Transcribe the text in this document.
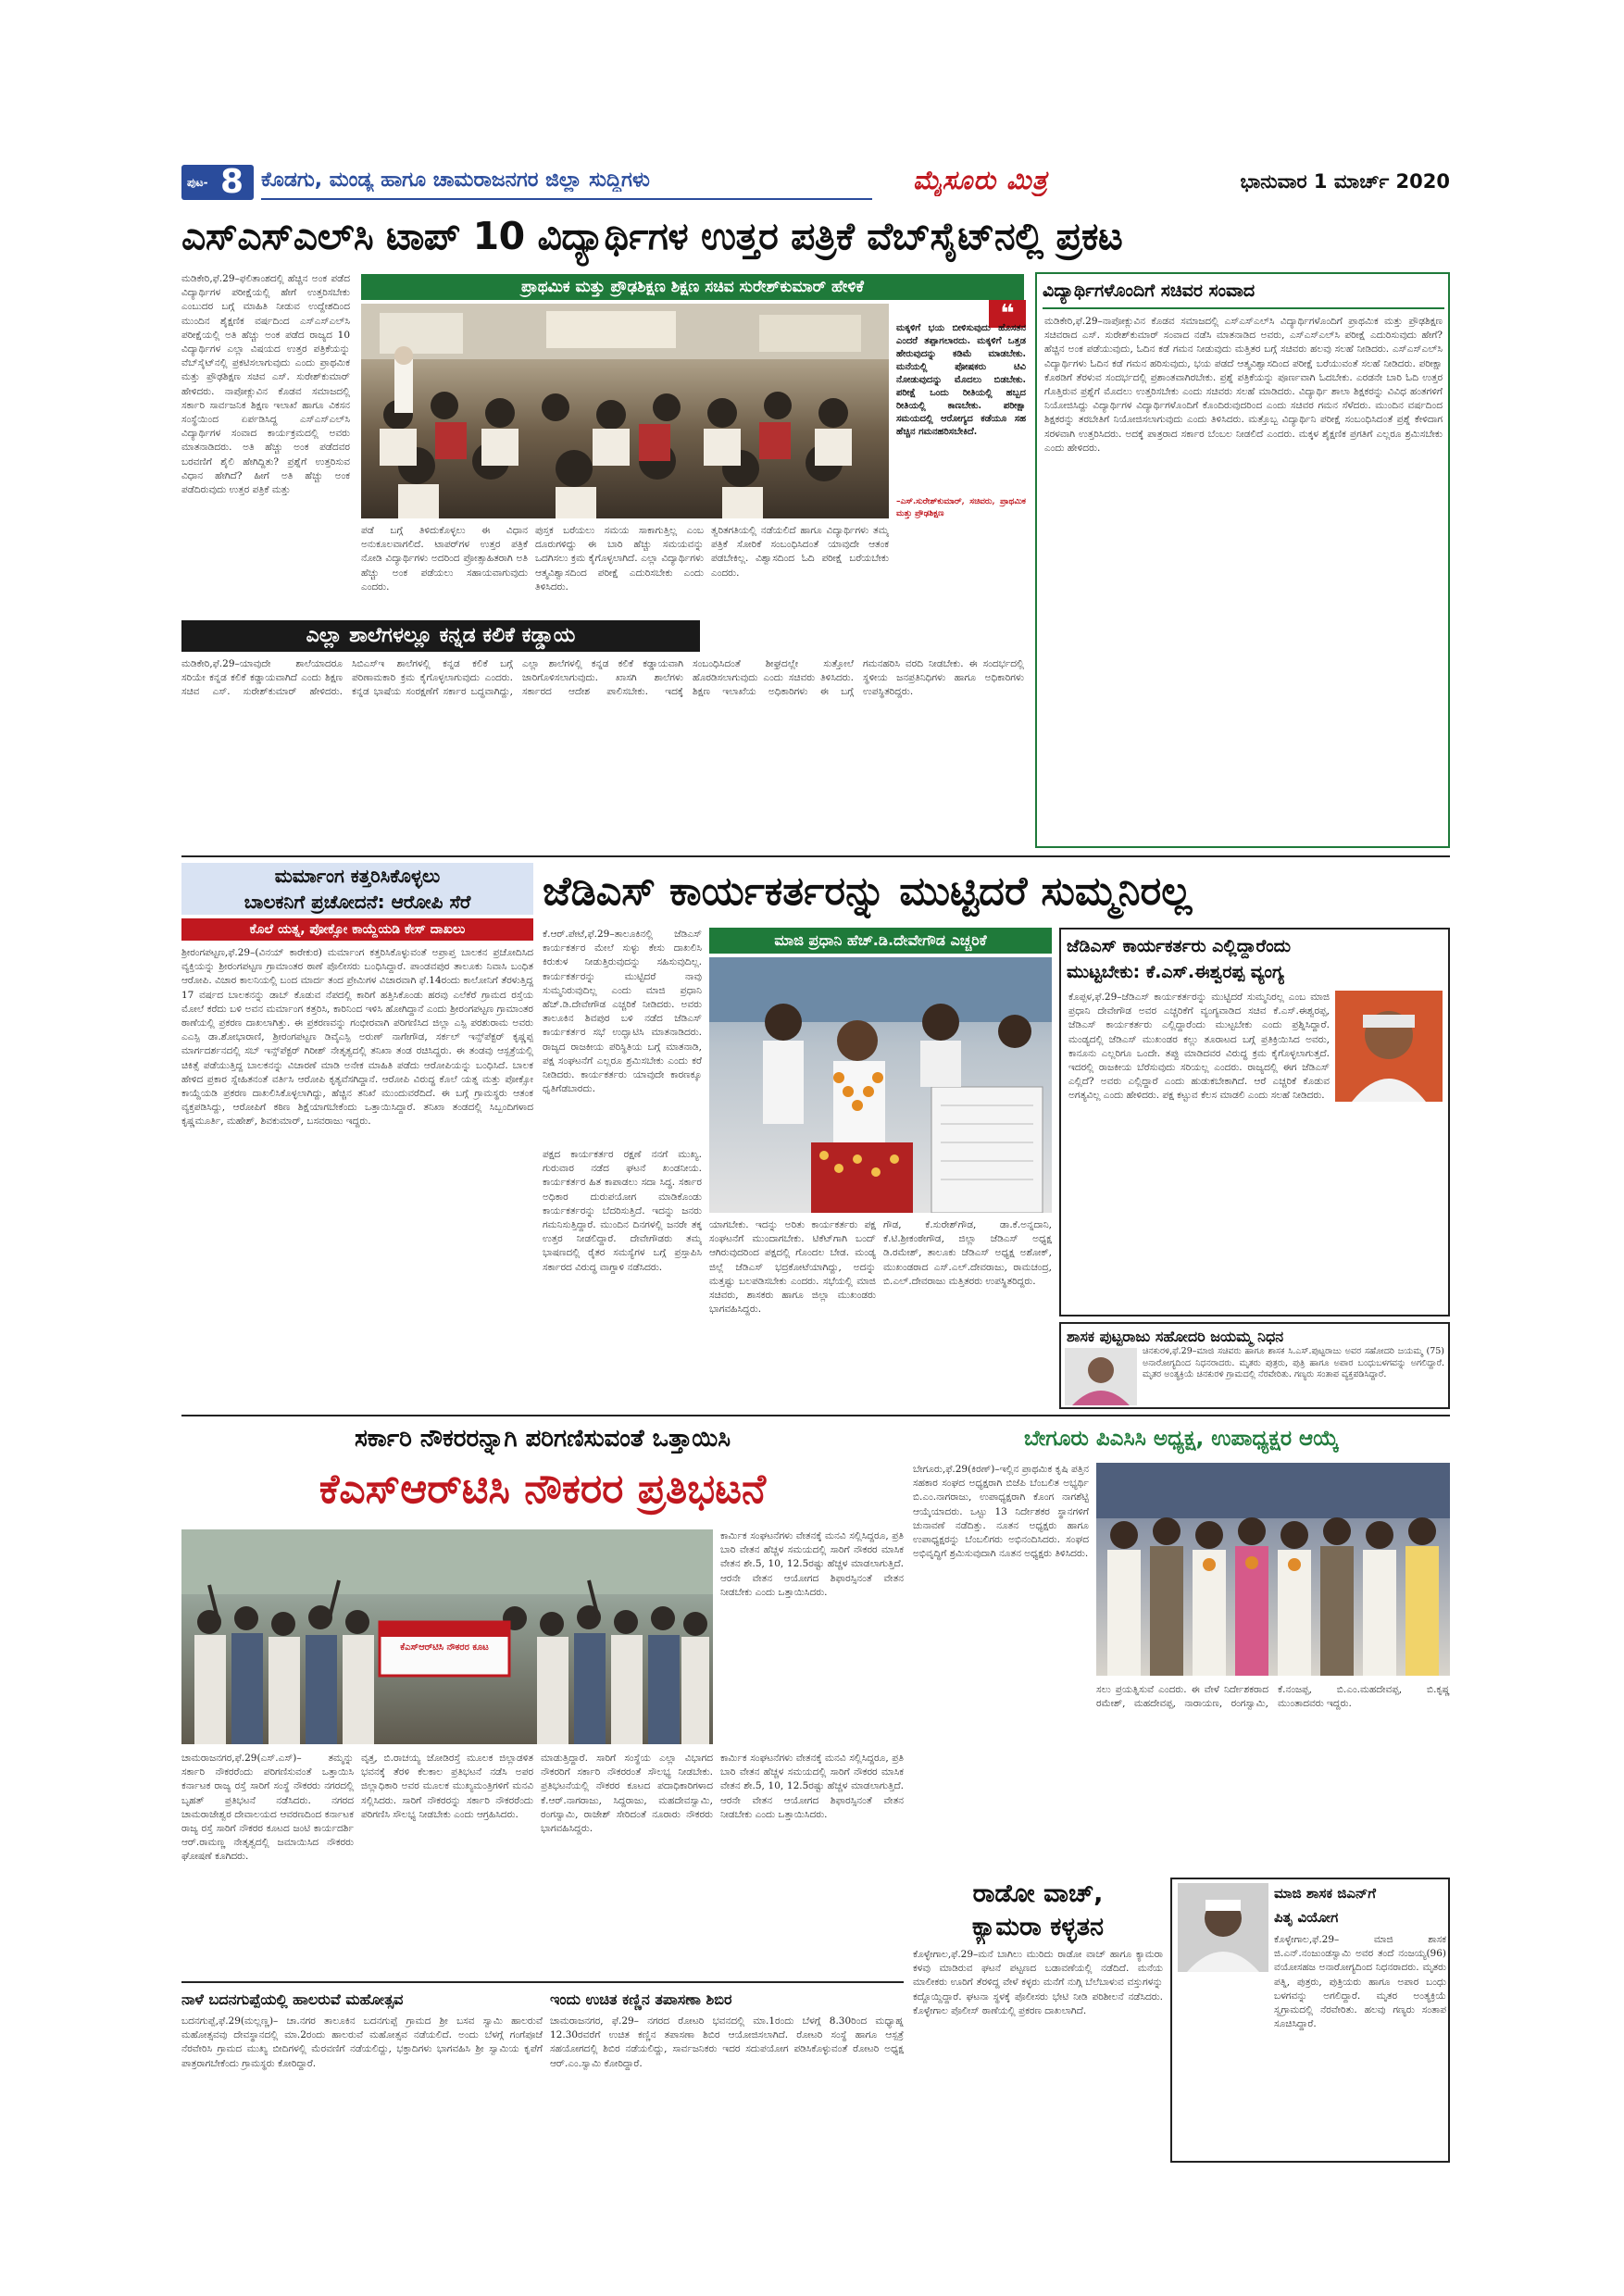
ಪುಟ- 8 ಕೊಡಗು, ಮಂಡ್ಯ ಹಾಗೂ ಚಾಮರಾಜನಗರ ಜಿಲ್ಲಾ ಸುದ್ದಿಗಳು	ಮೈಸೂರು ಮಿತ್ರ	ಭಾನುವಾರ 1 ಮಾರ್ಚ್ 2020
ಎಸ್‌ಎಸ್‌ಎಲ್‌ಸಿ ಟಾಪ್ 10 ವಿದ್ಯಾರ್ಥಿಗಳ ಉತ್ತರ ಪತ್ರಿಕೆ ವೆಬ್‌ಸೈಟ್‌ನಲ್ಲಿ ಪ್ರಕಟ
ಮಡಿಕೇರಿ,ಫೆ.29–ಫಲಿತಾಂಶದಲ್ಲಿ ಹೆಚ್ಚಿನ ಅಂಕ ಪಡೆದ ವಿದ್ಯಾರ್ಥಿಗಳ ಪರೀಕ್ಷೆಯಲ್ಲಿ ಹೇಗೆ ಉತ್ತರಿಸಬೇಕು ಎಂಬುದರ ಬಗ್ಗೆ ಮಾಹಿತಿ ನೀಡುವ ಉದ್ದೇಶದಿಂದ ಮುಂದಿನ ಶೈಕ್ಷಣಿಕ ವರ್ಷದಿಂದ ಎಸ್‌ಎಸ್‌ಎಲ್‌ಸಿ ಪರೀಕ್ಷೆಯಲ್ಲಿ ಅತಿ ಹೆಚ್ಚು ಅಂಕ ಪಡೆದ ರಾಜ್ಯದ 10 ವಿದ್ಯಾರ್ಥಿಗಳ ಎಲ್ಲಾ ವಿಷಯದ ಉತ್ತರ ಪತ್ರಿಕೆಯನ್ನು ವೆಬ್‌ಸೈಟ್‌ನಲ್ಲಿ ಪ್ರಕಟಿಸಲಾಗುವುದು ಎಂದು ಪ್ರಾಥಮಿಕ ಮತ್ತು ಪ್ರೌಢಶಿಕ್ಷಣ ಸಚಿವ ಎಸ್. ಸುರೇಶ್‌ಕುಮಾರ್ ಹೇಳಿದರು. ನಾಪೋಕ್ಲುವಿನ ಕೊಡವ ಸಮಾಜದಲ್ಲಿ ಸರ್ಕಾರಿ ಸಾರ್ವಜನಿಕ ಶಿಕ್ಷಣ ಇಲಾಖೆ ಹಾಗೂ ವಿಕಸನ ಸಂಸ್ಥೆಯಿಂದ ಏರ್ಪಡಿಸಿದ್ದ ಎಸ್‌ಎಸ್‌ಎಲ್‌ಸಿ ವಿದ್ಯಾರ್ಥಿಗಳ ಸಂವಾದ ಕಾರ್ಯಕ್ರಮದಲ್ಲಿ ಅವರು ಮಾತನಾಡಿದರು. ಅತಿ ಹೆಚ್ಚು ಅಂಕ ಪಡೆದವರ ಬರವಣಿಗೆ ಶೈಲಿ ಹೇಗಿದ್ದಿತು? ಪ್ರಶ್ನೆಗೆ ಉತ್ತರಿಸುವ ವಿಧಾನ ಹೇಗಿದೆ? ಹೀಗೆ ಅತಿ ಹೆಚ್ಚು ಅಂಕ ಪಡೆದಿರುವುದು ಉತ್ತರ ಪತ್ರಿಕೆ ಮತ್ತು
ಪ್ರಾಥಮಿಕ ಮತ್ತು ಪ್ರೌಢಶಿಕ್ಷಣ ಶಿಕ್ಷಣ ಸಚಿವ ಸುರೇಶ್‌ಕುಮಾರ್ ಹೇಳಿಕೆ
❝
ಮಕ್ಕಳಿಗೆ ಭಯ ಬೀಳಿಸುವುದು ಹೊಸತನ ಎಂದರೆ ತಪ್ಪಾಗಲಾರದು. ಮಕ್ಕಳಿಗೆ ಒತ್ತಡ ಹೇರುವುದನ್ನು ಕಡಿಮೆ ಮಾಡಬೇಕು. ಮನೆಯಲ್ಲಿ ಪೋಷಕರು ಟಿವಿ ನೋಡುವುದನ್ನು ಮೊದಲು ಬಿಡಬೇಕು. ಪರೀಕ್ಷೆ ಒಂದು ರೀತಿಯಲ್ಲಿ ಹಬ್ಬದ ರೀತಿಯಲ್ಲಿ ಕಾಣಬೇಕು. ಪರೀಕ್ಷಾ ಸಮಯದಲ್ಲಿ ಆರೋಗ್ಯದ ಕಡೆಯೂ ಸಹ ಹೆಚ್ಚಿನ ಗಮನಹರಿಸಬೇಕಿದೆ.
–ಎಸ್.ಸುರೇಶ್‌ಕುಮಾರ್, ಸಚಿವರು, ಪ್ರಾಥಮಿಕ ಮತ್ತು ಪ್ರೌಢಶಿಕ್ಷಣ
ಪಡೆ ಬಗ್ಗೆ ತಿಳಿದುಕೊಳ್ಳಲು ಈ ವಿಧಾನ ಅನುಕೂಲವಾಗಲಿದೆ. ಟಾಪರ್‌ಗಳ ಉತ್ತರ ಪತ್ರಿಕೆ ನೋಡಿ ವಿದ್ಯಾರ್ಥಿಗಳು ಅದರಿಂದ ಪ್ರೋತ್ಸಾಹಿತರಾಗಿ ಅತಿ ಹೆಚ್ಚು ಅಂಕ ಪಡೆಯಲು ಸಹಾಯವಾಗುವುದು ಎಂದರು.
ಪುಸ್ತಕ ಬರೆಯಲು ಸಮಯ ಸಾಕಾಗುತ್ತಿಲ್ಲ ಎಂಬ ದೂರುಗಳಿದ್ದು ಈ ಬಾರಿ ಹೆಚ್ಚು ಸಮಯವನ್ನು ಒದಗಿಸಲು ಕ್ರಮ ಕೈಗೊಳ್ಳಲಾಗಿದೆ. ಎಲ್ಲಾ ವಿದ್ಯಾರ್ಥಿಗಳು ಆತ್ಮವಿಶ್ವಾಸದಿಂದ ಪರೀಕ್ಷೆ ಎದುರಿಸಬೇಕು ಎಂದು ತಿಳಿಸಿದರು.
ತ್ವರಿತಗತಿಯಲ್ಲಿ ನಡೆಯಲಿದೆ ಹಾಗೂ ವಿದ್ಯಾರ್ಥಿಗಳು ತಮ್ಮ ಪತ್ರಿಕೆ ಸೋರಿಕೆ ಸಂಬಂಧಿಸಿದಂತೆ ಯಾವುದೇ ಆತಂಕ ಪಡಬೇಕಿಲ್ಲ. ವಿಶ್ವಾಸದಿಂದ ಓದಿ ಪರೀಕ್ಷೆ ಬರೆಯಬೇಕು ಎಂದರು.
ವಿದ್ಯಾರ್ಥಿಗಳೊಂದಿಗೆ ಸಚಿವರ ಸಂವಾದ
ಮಡಿಕೇರಿ,ಫೆ.29–ನಾಪೋಕ್ಲುವಿನ ಕೊಡವ ಸಮಾಜದಲ್ಲಿ ಎಸ್‌ಎಸ್‌ಎಲ್‌ಸಿ ವಿದ್ಯಾರ್ಥಿಗಳೊಂದಿಗೆ ಪ್ರಾಥಮಿಕ ಮತ್ತು ಪ್ರೌಢಶಿಕ್ಷಣ ಸಚಿವರಾದ ಎಸ್. ಸುರೇಶ್‌ಕುಮಾರ್ ಸಂವಾದ ನಡೆಸಿ ಮಾತನಾಡಿದ ಅವರು, ಎಸ್‌ಎಸ್‌ಎಲ್‌ಸಿ ಪರೀಕ್ಷೆ ಎದುರಿಸುವುದು ಹೇಗೆ? ಹೆಚ್ಚಿನ ಅಂಕ ಪಡೆಯುವುದು, ಓದಿನ ಕಡೆ ಗಮನ ನೀಡುವುದು ಮತ್ತಿತರ ಬಗ್ಗೆ ಸಚಿವರು ಹಲವು ಸಲಹೆ ನೀಡಿದರು. ಎಸ್‌ಎಸ್‌ಎಲ್‌ಸಿ ವಿದ್ಯಾರ್ಥಿಗಳು ಓದಿನ ಕಡೆ ಗಮನ ಹರಿಸುವುದು, ಭಯ ಪಡದೆ ಆತ್ಮವಿಶ್ವಾಸದಿಂದ ಪರೀಕ್ಷೆ ಬರೆಯುವಂತೆ ಸಲಹೆ ನೀಡಿದರು. ಪರೀಕ್ಷಾ ಕೊಠಡಿಗೆ ತೆರಳುವ ಸಂದರ್ಭದಲ್ಲಿ ಪ್ರಶಾಂತವಾಗಿರಬೇಕು. ಪ್ರಶ್ನೆ ಪತ್ರಿಕೆಯನ್ನು ಪೂರ್ಣವಾಗಿ ಓದಬೇಕು. ಎರಡನೇ ಬಾರಿ ಓದಿ ಉತ್ತರ ಗೊತ್ತಿರುವ ಪ್ರಶ್ನೆಗೆ ಮೊದಲು ಉತ್ತರಿಸಬೇಕು ಎಂದು ಸಚಿವರು ಸಲಹೆ ಮಾಡಿದರು. ವಿದ್ಯಾರ್ಥಿ ಶಾಲಾ ಶಿಕ್ಷಕರನ್ನು ವಿವಿಧ ಹಂತಗಳಿಗೆ ನಿಯೋಜಿಸಿದ್ದು ವಿದ್ಯಾರ್ಥಿಗಳ ವಿದ್ಯಾರ್ಥಿಗಳೊಂದಿಗೆ ಕೊಂದಿರುವುದರಿಂದ ಎಂದು ಸಚಿವರ ಗಮನ ಸೆಳೆದರು. ಮುಂದಿನ ವರ್ಷದಿಂದ ಶಿಕ್ಷಕರನ್ನು ತರಬೇತಿಗೆ ನಿಯೋಜಿಸಲಾಗುವುದು ಎಂದು ತಿಳಿಸಿದರು. ಮತ್ತೊಬ್ಬ ವಿದ್ಯಾರ್ಥಿನಿ ಪರೀಕ್ಷೆ ಸಂಬಂಧಿಸಿದಂತೆ ಪ್ರಶ್ನೆ ಕೇಳಿದಾಗ ಸರಳವಾಗಿ ಉತ್ತರಿಸಿದರು. ಅದಕ್ಕೆ ಪಾತ್ರರಾದ ಸರ್ಕಾರ ಬೆಂಬಲ ನೀಡಲಿದೆ ಎಂದರು. ಮಕ್ಕಳ ಶೈಕ್ಷಣಿಕ ಪ್ರಗತಿಗೆ ಎಲ್ಲರೂ ಶ್ರಮಿಸಬೇಕು ಎಂದು ಹೇಳಿದರು.
ಎಲ್ಲಾ ಶಾಲೆಗಳಲ್ಲೂ ಕನ್ನಡ ಕಲಿಕೆ ಕಡ್ಡಾಯ
ಮಡಿಕೇರಿ,ಫೆ.29–ಯಾವುದೇ ಶಾಲೆಯಾದರೂ ಸರಿಯೇ ಕನ್ನಡ ಕಲಿಕೆ ಕಡ್ಡಾಯವಾಗಿದೆ ಎಂದು ಶಿಕ್ಷಣ ಸಚಿವ ಎಸ್. ಸುರೇಶ್‌ಕುಮಾರ್ ಹೇಳಿದರು. ಸಿಬಿಎಸ್‌ಇ ಶಾಲೆಗಳಲ್ಲಿ ಕನ್ನಡ ಕಲಿಕೆ ಬಗ್ಗೆ ಪರಿಣಾಮಕಾರಿ ಕ್ರಮ ಕೈಗೊಳ್ಳಲಾಗುವುದು ಎಂದರು. ಕನ್ನಡ ಭಾಷೆಯ ಸಂರಕ್ಷಣೆಗೆ ಸರ್ಕಾರ ಬದ್ಧವಾಗಿದ್ದು, ಎಲ್ಲಾ ಶಾಲೆಗಳಲ್ಲಿ ಕನ್ನಡ ಕಲಿಕೆ ಕಡ್ಡಾಯವಾಗಿ ಜಾರಿಗೊಳಿಸಲಾಗುವುದು. ಖಾಸಗಿ ಶಾಲೆಗಳು ಸರ್ಕಾರದ ಆದೇಶ ಪಾಲಿಸಬೇಕು. ಇದಕ್ಕೆ ಸಂಬಂಧಿಸಿದಂತೆ ಶೀಘ್ರದಲ್ಲೇ ಸುತ್ತೋಲೆ ಹೊರಡಿಸಲಾಗುವುದು ಎಂದು ಸಚಿವರು ತಿಳಿಸಿದರು. ಶಿಕ್ಷಣ ಇಲಾಖೆಯ ಅಧಿಕಾರಿಗಳು ಈ ಬಗ್ಗೆ ಗಮನಹರಿಸಿ ವರದಿ ನೀಡಬೇಕು. ಈ ಸಂದರ್ಭದಲ್ಲಿ ಸ್ಥಳೀಯ ಜನಪ್ರತಿನಿಧಿಗಳು ಹಾಗೂ ಅಧಿಕಾರಿಗಳು ಉಪಸ್ಥಿತರಿದ್ದರು.
ಮರ್ಮಾಂಗ ಕತ್ತರಿಸಿಕೊಳ್ಳಲು
ಬಾಲಕನಿಗೆ ಪ್ರಚೋದನೆ: ಆರೋಪಿ ಸೆರೆ
ಕೊಲೆ ಯತ್ನ, ಪೋಕ್ಸೋ ಕಾಯ್ದೆಯಡಿ ಕೇಸ್ ದಾಖಲು
ಶ್ರೀರಂಗಪಟ್ಟಣ,ಫೆ.29–(ವಿನಯ್ ಕಾರೇಕುರ) ಮರ್ಮಾಂಗ ಕತ್ತರಿಸಿಕೊಳ್ಳುವಂತೆ ಅಪ್ರಾಪ್ತ ಬಾಲಕನ ಪ್ರಚೋದಿಸಿದ ವ್ಯಕ್ತಿಯನ್ನು ಶ್ರೀರಂಗಪಟ್ಟಣ ಗ್ರಾಮಾಂತರ ಠಾಣೆ ಪೊಲೀಸರು ಬಂಧಿಸಿದ್ದಾರೆ. ಪಾಂಡವಪುರ ತಾಲೂಕು ನಿವಾಸಿ ಬಂಧಿತ ಆರೋಪಿ. ವಿಚಾರ ಕಾಲನಿಯಲ್ಲಿ ಬಂದ ಮಾರ್ದ ತಂದ ಪ್ರೇಮಿಗಳ ವಿಚಾರವಾಗಿ ಫೆ.14ರಂದು ಕಾಲೋನಿಗೆ ತೆರಳುತ್ತಿದ್ದ 17 ವರ್ಷದ ಬಾಲಕನನ್ನು ಡಾಬ್ ಕೊಡುವ ನೆಪದಲ್ಲಿ ಕಾರಿಗೆ ಹತ್ತಿಸಿಕೊಂಡು ಹರವು ಎಲೆಕೆರೆ ಗ್ರಾಮದ ರಸ್ತೆಯ ಮೋಲೆ ಕರೆದು ಬಳಿ ಅವನ ಮರ್ಮಾಂಗ ಕತ್ತರಿಸಿ, ಕಾರಿನಿಂದ ಇಳಿಸಿ ಹೋಗಿದ್ದಾನೆ ಎಂದು ಶ್ರೀರಂಗಪಟ್ಟಣ ಗ್ರಾಮಾಂತರ ಠಾಣೆಯಲ್ಲಿ ಪ್ರಕರಣ ದಾಖಲಾಗಿತ್ತು. ಈ ಪ್ರಕರಣವನ್ನು ಗಂಭೀರವಾಗಿ ಪರಿಗಣಿಸಿದ ಜಿಲ್ಲಾ ಎಸ್ಪಿ ಪರಶುರಾಮ ಅವರು ಎಎಸ್ಪಿ ಡಾ.ಶೋಭಾರಾಣಿ, ಶ್ರೀರಂಗಪಟ್ಟಣ ಡಿವೈಎಸ್ಪಿ ಅರುಣ್ ನಾಗೇಗೌಡ, ಸರ್ಕಲ್ ಇನ್ಸ್‌ಪೆಕ್ಟರ್ ಕೃಷ್ಣಪ್ಪ ಮಾರ್ಗದರ್ಶನದಲ್ಲಿ ಸಬ್ ಇನ್ಸ್‌ಪೆಕ್ಟರ್ ಗಿರೀಶ್ ನೇತೃತ್ವದಲ್ಲಿ ತನಿಖಾ ತಂಡ ರಚಿಸಿದ್ದರು. ಈ ತಂಡವು ಆಸ್ಪತ್ರೆಯಲ್ಲಿ ಚಿಕಿತ್ಸೆ ಪಡೆಯುತ್ತಿದ್ದ ಬಾಲಕನನ್ನು ವಿಚಾರಣೆ ಮಾಡಿ ಅನೇಕ ಮಾಹಿತಿ ಪಡೆದು ಆರೋಪಿಯನ್ನು ಬಂಧಿಸಿದೆ. ಬಾಲಕ ಹೇಳಿದ ಪ್ರಕಾರ ಸ್ನೇಹಿತನಂತೆ ವರ್ತಿಸಿ ಆರೋಪಿ ಕೃತ್ಯವೆಸಗಿದ್ದಾನೆ. ಆರೋಪಿ ವಿರುದ್ಧ ಕೊಲೆ ಯತ್ನ ಮತ್ತು ಪೋಕ್ಸೋ ಕಾಯ್ದೆಯಡಿ ಪ್ರಕರಣ ದಾಖಲಿಸಿಕೊಳ್ಳಲಾಗಿದ್ದು, ಹೆಚ್ಚಿನ ತನಿಖೆ ಮುಂದುವರೆದಿದೆ. ಈ ಬಗ್ಗೆ ಗ್ರಾಮಸ್ಥರು ಆತಂಕ ವ್ಯಕ್ತಪಡಿಸಿದ್ದು, ಆರೋಪಿಗೆ ಕಠಿಣ ಶಿಕ್ಷೆಯಾಗಬೇಕೆಂದು ಒತ್ತಾಯಿಸಿದ್ದಾರೆ. ತನಿಖಾ ತಂಡದಲ್ಲಿ ಸಿಬ್ಬಂದಿಗಳಾದ ಕೃಷ್ಣಮೂರ್ತಿ, ಮಹೇಶ್, ಶಿವಕುಮಾರ್, ಬಸವರಾಜು ಇದ್ದರು.
ಜೆಡಿಎಸ್ ಕಾರ್ಯಕರ್ತರನ್ನು ಮುಟ್ಟಿದರೆ ಸುಮ್ಮನಿರಲ್ಲ
ಕೆ.ಆರ್.ಪೇಟೆ,ಫೆ.29–ತಾಲೂಕಿನಲ್ಲಿ ಜೆಡಿಎಸ್ ಕಾರ್ಯಕರ್ತರ ಮೇಲೆ ಸುಳ್ಳು ಕೇಸು ದಾಖಲಿಸಿ ಕಿರುಕುಳ ನೀಡುತ್ತಿರುವುದನ್ನು ಸಹಿಸುವುದಿಲ್ಲ. ಕಾರ್ಯಕರ್ತರನ್ನು ಮುಟ್ಟಿದರೆ ನಾವು ಸುಮ್ಮನಿರುವುದಿಲ್ಲ ಎಂದು ಮಾಜಿ ಪ್ರಧಾನಿ ಹೆಚ್.ಡಿ.ದೇವೇಗೌಡ ಎಚ್ಚರಿಕೆ ನೀಡಿದರು. ಅವರು ತಾಲೂಕಿನ ಶಿವಪುರ ಬಳಿ ನಡೆದ ಜೆಡಿಎಸ್ ಕಾರ್ಯಕರ್ತರ ಸಭೆ ಉದ್ಘಾಟಿಸಿ ಮಾತನಾಡಿದರು. ರಾಜ್ಯದ ರಾಜಕೀಯ ಪರಿಸ್ಥಿತಿಯ ಬಗ್ಗೆ ಮಾತನಾಡಿ, ಪಕ್ಷ ಸಂಘಟನೆಗೆ ಎಲ್ಲರೂ ಶ್ರಮಿಸಬೇಕು ಎಂದು ಕರೆ ನೀಡಿದರು. ಕಾರ್ಯಕರ್ತರು ಯಾವುದೇ ಕಾರಣಕ್ಕೂ ಧೃತಿಗೆಡಬಾರದು.
ಮಾಜಿ ಪ್ರಧಾನಿ ಹೆಚ್.ಡಿ.ದೇವೇಗೌಡ ಎಚ್ಚರಿಕೆ
ಪಕ್ಷದ ಕಾರ್ಯಕರ್ತರ ರಕ್ಷಣೆ ನನಗೆ ಮುಖ್ಯ. ಗುರುವಾರ ನಡೆದ ಘಟನೆ ಖಂಡನೀಯ. ಕಾರ್ಯಕರ್ತರ ಹಿತ ಕಾಪಾಡಲು ಸದಾ ಸಿದ್ಧ. ಸರ್ಕಾರ ಅಧಿಕಾರ ದುರುಪಯೋಗ ಮಾಡಿಕೊಂಡು ಕಾರ್ಯಕರ್ತರನ್ನು ಬೆದರಿಸುತ್ತಿದೆ. ಇದನ್ನು ಜನರು ಗಮನಿಸುತ್ತಿದ್ದಾರೆ. ಮುಂದಿನ ದಿನಗಳಲ್ಲಿ ಜನರೇ ತಕ್ಕ ಉತ್ತರ ನೀಡಲಿದ್ದಾರೆ. ದೇವೇಗೌಡರು ತಮ್ಮ ಭಾಷಣದಲ್ಲಿ ರೈತರ ಸಮಸ್ಯೆಗಳ ಬಗ್ಗೆ ಪ್ರಸ್ತಾಪಿಸಿ ಸರ್ಕಾರದ ವಿರುದ್ಧ ವಾಗ್ದಾಳಿ ನಡೆಸಿದರು.
ಯಾಗಬೇಕು. ಇದನ್ನು ಅರಿತು ಕಾರ್ಯಕರ್ತರು ಪಕ್ಷ ಸಂಘಟನೆಗೆ ಮುಂದಾಗಬೇಕು. ಟಿಕೆಟ್‌ಗಾಗಿ ಬಂದ್ ಆಗಿರುವುದರಿಂದ ಪಕ್ಷದಲ್ಲಿ ಗೊಂದಲ ಬೇಡ. ಮಂಡ್ಯ ಜಿಲ್ಲೆ ಜೆಡಿಎಸ್ ಭದ್ರಕೋಟೆಯಾಗಿದ್ದು, ಅದನ್ನು ಮತ್ತಷ್ಟು ಬಲಪಡಿಸಬೇಕು ಎಂದರು. ಸಭೆಯಲ್ಲಿ ಮಾಜಿ ಸಚಿವರು, ಶಾಸಕರು ಹಾಗೂ ಜಿಲ್ಲಾ ಮುಖಂಡರು ಭಾಗವಹಿಸಿದ್ದರು.
ಗೌಡ, ಕೆ.ಸುರೇಶ್‌ಗೌಡ, ಡಾ.ಕೆ.ಅನ್ನದಾನಿ, ಕೆ.ಟಿ.ಶ್ರೀಕಂಠೇಗೌಡ, ಜಿಲ್ಲಾ ಜೆಡಿಎಸ್ ಅಧ್ಯಕ್ಷ ಡಿ.ರಮೇಶ್, ತಾಲೂಕು ಜೆಡಿಎಸ್ ಅಧ್ಯಕ್ಷ ಅಶೋಕ್, ಮುಖಂಡರಾದ ಎಸ್.ಎಲ್.ದೇವರಾಜು, ರಾಮಚಂದ್ರ, ಬಿ.ಎಲ್.ದೇವರಾಜು ಮತ್ತಿತರರು ಉಪಸ್ಥಿತರಿದ್ದರು.
ಜೆಡಿಎಸ್ ಕಾರ್ಯಕರ್ತರು ಎಲ್ಲಿದ್ದಾರೆಂದು
ಮುಟ್ಟಬೇಕು: ಕೆ.ಎಸ್.ಈಶ್ವರಪ್ಪ ವ್ಯಂಗ್ಯ
ಕೊಪ್ಪಳ,ಫೆ.29–ಜೆಡಿಎಸ್ ಕಾರ್ಯಕರ್ತರನ್ನು ಮುಟ್ಟಿದರೆ ಸುಮ್ಮನಿರಲ್ಲ ಎಂಬ ಮಾಜಿ ಪ್ರಧಾನಿ ದೇವೇಗೌಡ ಅವರ ಎಚ್ಚರಿಕೆಗೆ ವ್ಯಂಗ್ಯವಾಡಿದ ಸಚಿವ ಕೆ.ಎಸ್.ಈಶ್ವರಪ್ಪ, ಜೆಡಿಎಸ್ ಕಾರ್ಯಕರ್ತರು ಎಲ್ಲಿದ್ದಾರೆಂದು ಮುಟ್ಟಬೇಕು ಎಂದು ಪ್ರಶ್ನಿಸಿದ್ದಾರೆ. ಮಂಡ್ಯದಲ್ಲಿ ಜೆಡಿಎಸ್ ಮುಖಂಡರ ಕಲ್ಲು ತೂರಾಟದ ಬಗ್ಗೆ ಪ್ರತಿಕ್ರಿಯಿಸಿದ ಅವರು, ಕಾನೂನು ಎಲ್ಲರಿಗೂ ಒಂದೇ. ತಪ್ಪು ಮಾಡಿದವರ ವಿರುದ್ಧ ಕ್ರಮ ಕೈಗೊಳ್ಳಲಾಗುತ್ತದೆ. ಇದರಲ್ಲಿ ರಾಜಕೀಯ ಬೆರೆಸುವುದು ಸರಿಯಲ್ಲ ಎಂದರು. ರಾಜ್ಯದಲ್ಲಿ ಈಗ ಜೆಡಿಎಸ್ ಎಲ್ಲಿದೆ? ಅವರು ಎಲ್ಲಿದ್ದಾರೆ ಎಂದು ಹುಡುಕಬೇಕಾಗಿದೆ. ಆರೆ ಎಚ್ಚರಿಕೆ ಕೊಡುವ ಅಗತ್ಯವಿಲ್ಲ ಎಂದು ಹೇಳಿದರು. ಪಕ್ಷ ಕಟ್ಟುವ ಕೆಲಸ ಮಾಡಲಿ ಎಂದು ಸಲಹೆ ನೀಡಿದರು.
ಶಾಸಕ ಪುಟ್ಟರಾಜು ಸಹೋದರಿ ಜಯಮ್ಮ ನಿಧನ
ಚಿನಕುರಳಿ,ಫೆ.29–ಮಾಜಿ ಸಚಿವರು ಹಾಗೂ ಶಾಸಕ ಸಿ.ಎಸ್.ಪುಟ್ಟರಾಜು ಅವರ ಸಹೋದರಿ ಜಯಮ್ಮ (75) ಅನಾರೋಗ್ಯದಿಂದ ನಿಧನರಾದರು. ಮೃತರು ಪುತ್ರರು, ಪುತ್ರಿ ಹಾಗೂ ಅಪಾರ ಬಂಧುಬಳಗವನ್ನು ಅಗಲಿದ್ದಾರೆ. ಮೃತರ ಅಂತ್ಯಕ್ರಿಯೆ ಚಿನಕುರಳಿ ಗ್ರಾಮದಲ್ಲಿ ನೆರವೇರಿತು. ಗಣ್ಯರು ಸಂತಾಪ ವ್ಯಕ್ತಪಡಿಸಿದ್ದಾರೆ.
ಸರ್ಕಾರಿ ನೌಕರರನ್ನಾಗಿ ಪರಿಗಣಿಸುವಂತೆ ಒತ್ತಾಯಿಸಿ
ಕೆಎಸ್‌ಆರ್‌ಟಿಸಿ ನೌಕರರ ಪ್ರತಿಭಟನೆ
ಕೆಎಸ್‌ಆರ್‌ಟಿಸಿ ನೌಕರರ ಕೂಟ
ಕಾರ್ಮಿಕ ಸಂಘಟನೆಗಳು ವೇತನಕ್ಕೆ ಮನವಿ ಸಲ್ಲಿಸಿದ್ದರೂ, ಪ್ರತಿ ಬಾರಿ ವೇತನ ಹೆಚ್ಚಳ ಸಮಯದಲ್ಲಿ ಸಾರಿಗೆ ನೌಕರರ ಮಾಸಿಕ ವೇತನ ಶೇ.5, 10, 12.5ರಷ್ಟು ಹೆಚ್ಚಳ ಮಾಡಲಾಗುತ್ತಿದೆ. ಆರನೇ ವೇತನ ಆಯೋಗದ ಶಿಫಾರಸ್ಸಿನಂತೆ ವೇತನ ನೀಡಬೇಕು ಎಂದು ಒತ್ತಾಯಿಸಿದರು.
ಚಾಮರಾಜನಗರ,ಫೆ.29(ಎಸ್.ಎಸ್)– ತಮ್ಮನ್ನು ಸರ್ಕಾರಿ ನೌಕರರೆಂದು ಪರಿಗಣಿಸುವಂತೆ ಒತ್ತಾಯಿಸಿ ಕರ್ನಾಟಕ ರಾಜ್ಯ ರಸ್ತೆ ಸಾರಿಗೆ ಸಂಸ್ಥೆ ನೌಕರರು ನಗರದಲ್ಲಿ ಬೃಹತ್ ಪ್ರತಿಭಟನೆ ನಡೆಸಿದರು. ನಗರದ ಚಾಮರಾಜೇಶ್ವರ ದೇವಾಲಯದ ಆವರಣದಿಂದ ಕರ್ನಾಟಕ ರಾಜ್ಯ ರಸ್ತೆ ಸಾರಿಗೆ ನೌಕರರ ಕೂಟದ ಜಂಟಿ ಕಾರ್ಯದರ್ಶಿ ಆರ್.ರಾಮಣ್ಣ ನೇತೃತ್ವದಲ್ಲಿ ಜಮಾಯಿಸಿದ ನೌಕರರು ಘೋಷಣೆ ಕೂಗಿದರು.
ವೃತ್ತ, ಬಿ.ರಾಚಯ್ಯ ಜೋಡಿರಸ್ತೆ ಮೂಲಕ ಜಿಲ್ಲಾಡಳಿತ ಭವನಕ್ಕೆ ತೆರಳಿ ಕೆಲಕಾಲ ಪ್ರತಿಭಟನೆ ನಡೆಸಿ ಅಪರ ಜಿಲ್ಲಾಧಿಕಾರಿ ಅವರ ಮೂಲಕ ಮುಖ್ಯಮಂತ್ರಿಗಳಿಗೆ ಮನವಿ ಸಲ್ಲಿಸಿದರು. ಸಾರಿಗೆ ನೌಕರರನ್ನು ಸರ್ಕಾರಿ ನೌಕರರೆಂದು ಪರಿಗಣಿಸಿ ಸೌಲಭ್ಯ ನೀಡಬೇಕು ಎಂದು ಆಗ್ರಹಿಸಿದರು.
ಮಾಡುತ್ತಿದ್ದಾರೆ. ಸಾರಿಗೆ ಸಂಸ್ಥೆಯ ಎಲ್ಲಾ ವಿಭಾಗದ ನೌಕರರಿಗೆ ಸರ್ಕಾರಿ ನೌಕರರಂತೆ ಸೌಲಭ್ಯ ನೀಡಬೇಕು. ಪ್ರತಿಭಟನೆಯಲ್ಲಿ ನೌಕರರ ಕೂಟದ ಪದಾಧಿಕಾರಿಗಳಾದ ಕೆ.ಆರ್.ನಾಗರಾಜು, ಸಿದ್ದರಾಜು, ಮಹದೇವಸ್ವಾಮಿ, ರಂಗಸ್ವಾಮಿ, ರಾಜೇಶ್ ಸೇರಿದಂತೆ ನೂರಾರು ನೌಕರರು ಭಾಗವಹಿಸಿದ್ದರು.
ಕಾರ್ಮಿಕ ಸಂಘಟನೆಗಳು ವೇತನಕ್ಕೆ ಮನವಿ ಸಲ್ಲಿಸಿದ್ದರೂ, ಪ್ರತಿ ಬಾರಿ ವೇತನ ಹೆಚ್ಚಳ ಸಮಯದಲ್ಲಿ ಸಾರಿಗೆ ನೌಕರರ ಮಾಸಿಕ ವೇತನ ಶೇ.5, 10, 12.5ರಷ್ಟು ಹೆಚ್ಚಳ ಮಾಡಲಾಗುತ್ತಿದೆ. ಆರನೇ ವೇತನ ಆಯೋಗದ ಶಿಫಾರಸ್ಸಿನಂತೆ ವೇತನ ನೀಡಬೇಕು ಎಂದು ಒತ್ತಾಯಿಸಿದರು.
ಬೇಗೂರು ಪಿಎಸಿಸಿ ಅಧ್ಯಕ್ಷ, ಉಪಾಧ್ಯಕ್ಷರ ಆಯ್ಕೆ
ಬೇಗೂರು,ಫೆ.29(ಕಿರಣ್)–ಇಲ್ಲಿನ ಪ್ರಾಥಮಿಕ ಕೃಷಿ ಪತ್ತಿನ ಸಹಕಾರ ಸಂಘದ ಅಧ್ಯಕ್ಷರಾಗಿ ಬಿಜೆಪಿ ಬೆಂಬಲಿತ ಅಭ್ಯರ್ಥಿ ಬಿ.ಎಂ.ನಾಗರಾಜು, ಉಪಾಧ್ಯಕ್ಷರಾಗಿ ಕೊಂಗ ನಾಗಶೆಟ್ಟಿ ಆಯ್ಕೆಯಾದರು. ಒಟ್ಟು 13 ನಿರ್ದೇಶಕರ ಸ್ಥಾನಗಳಿಗೆ ಚುನಾವಣೆ ನಡೆದಿತ್ತು. ನೂತನ ಅಧ್ಯಕ್ಷರು ಹಾಗೂ ಉಪಾಧ್ಯಕ್ಷರನ್ನು ಬೆಂಬಲಿಗರು ಅಭಿನಂದಿಸಿದರು. ಸಂಘದ ಅಭಿವೃದ್ಧಿಗೆ ಶ್ರಮಿಸುವುದಾಗಿ ನೂತನ ಅಧ್ಯಕ್ಷರು ತಿಳಿಸಿದರು.
ಸಲು ಪ್ರಯತ್ನಿಸುವೆ ಎಂದರು. ಈ ವೇಳೆ ನಿರ್ದೇಶಕರಾದ ರಮೇಶ್, ಮಹದೇವಪ್ಪ, ನಾರಾಯಣ, ರಂಗಸ್ವಾಮಿ, ಕೆ.ನಂಜಪ್ಪ, ಬಿ.ಎಂ.ಮಹದೇವಪ್ಪ, ಬಿ.ಕೃಷ್ಣ ಮುಂತಾದವರು ಇದ್ದರು.
ರಾಡೋ ವಾಚ್,
ಕ್ಯಾಮರಾ ಕಳ್ಳತನ
ಕೊಳ್ಳೇಗಾಲ,ಫೆ.29–ಮನೆ ಬಾಗಿಲು ಮುರಿದು ರಾಡೋ ವಾಚ್ ಹಾಗೂ ಕ್ಯಾಮರಾ ಕಳವು ಮಾಡಿರುವ ಘಟನೆ ಪಟ್ಟಣದ ಬಡಾವಣೆಯಲ್ಲಿ ನಡೆದಿದೆ. ಮನೆಯ ಮಾಲೀಕರು ಊರಿಗೆ ತೆರಳಿದ್ದ ವೇಳೆ ಕಳ್ಳರು ಮನೆಗೆ ನುಗ್ಗಿ ಬೆಲೆಬಾಳುವ ವಸ್ತುಗಳನ್ನು ಕದ್ದೊಯ್ದಿದ್ದಾರೆ. ಘಟನಾ ಸ್ಥಳಕ್ಕೆ ಪೊಲೀಸರು ಭೇಟಿ ನೀಡಿ ಪರಿಶೀಲನೆ ನಡೆಸಿದರು. ಕೊಳ್ಳೇಗಾಲ ಪೊಲೀಸ್ ಠಾಣೆಯಲ್ಲಿ ಪ್ರಕರಣ ದಾಖಲಾಗಿದೆ.
ಮಾಜಿ ಶಾಸಕ ಜಿಎನ್‌ಗೆ
ಪಿತೃ ವಿಯೋಗ
ಕೊಳ್ಳೇಗಾಲ,ಫೆ.29– ಮಾಜಿ ಶಾಸಕ ಜಿ.ಎನ್.ನಂಜುಂಡಸ್ವಾಮಿ ಅವರ ತಂದೆ ನಂಜಯ್ಯ(96) ವಯೋಸಹಜ ಅನಾರೋಗ್ಯದಿಂದ ನಿಧನರಾದರು. ಮೃತರು ಪತ್ನಿ, ಪುತ್ರರು, ಪುತ್ರಿಯರು ಹಾಗೂ ಅಪಾರ ಬಂಧು ಬಳಗವನ್ನು ಅಗಲಿದ್ದಾರೆ. ಮೃತರ ಅಂತ್ಯಕ್ರಿಯೆ ಸ್ವಗ್ರಾಮದಲ್ಲಿ ನೆರವೇರಿತು. ಹಲವು ಗಣ್ಯರು ಸಂತಾಪ ಸೂಚಿಸಿದ್ದಾರೆ.
ನಾಳೆ ಬದನಗುಪ್ಪೆಯಲ್ಲಿ ಹಾಲರುವೆ ಮಹೋತ್ಸವ
ಬದನಗುಪ್ಪೆ,ಫೆ.29(ಮಲ್ಲಣ್ಣ)– ಚಾ.ನಗರ ತಾಲೂಕಿನ ಬದನಗುಪ್ಪೆ ಗ್ರಾಮದ ಶ್ರೀ ಬಸವ ಸ್ವಾಮಿ ಹಾಲರುವೆ ಮಹೋತ್ಸವವು ದೇವಸ್ಥಾನದಲ್ಲಿ ಮಾ.2ರಂದು ಹಾಲರುವೆ ಮಹೋತ್ಸವ ನಡೆಯಲಿದೆ. ಅಂದು ಬೆಳಗ್ಗೆ ಗಂಗೆಪೂಜೆ ನೆರವೇರಿಸಿ ಗ್ರಾಮದ ಮುಖ್ಯ ಬೀದಿಗಳಲ್ಲಿ ಮೆರವಣಿಗೆ ನಡೆಯಲಿದ್ದು, ಭಕ್ತಾದಿಗಳು ಭಾಗವಹಿಸಿ ಶ್ರೀ ಸ್ವಾಮಿಯ ಕೃಪೆಗೆ ಪಾತ್ರರಾಗಬೇಕೆಂದು ಗ್ರಾಮಸ್ಥರು ಕೋರಿದ್ದಾರೆ.
ಇಂದು ಉಚಿತ ಕಣ್ಣಿನ ತಪಾಸಣಾ ಶಿಬಿರ
ಚಾಮರಾಜನಗರ, ಫೆ.29– ನಗರದ ರೋಟರಿ ಭವನದಲ್ಲಿ ಮಾ.1ರಂದು ಬೆಳಗ್ಗೆ 8.30ರಿಂದ ಮಧ್ಯಾಹ್ನ 12.30ರವರೆಗೆ ಉಚಿತ ಕಣ್ಣಿನ ತಪಾಸಣಾ ಶಿಬಿರ ಆಯೋಜಿಸಲಾಗಿದೆ. ರೋಟರಿ ಸಂಸ್ಥೆ ಹಾಗೂ ಆಸ್ಪತ್ರೆ ಸಹಯೋಗದಲ್ಲಿ ಶಿಬಿರ ನಡೆಯಲಿದ್ದು, ಸಾರ್ವಜನಿಕರು ಇದರ ಸದುಪಯೋಗ ಪಡಿಸಿಕೊಳ್ಳುವಂತೆ ರೋಟರಿ ಅಧ್ಯಕ್ಷ ಆರ್.ಎಂ.ಸ್ವಾಮಿ ಕೋರಿದ್ದಾರೆ.
